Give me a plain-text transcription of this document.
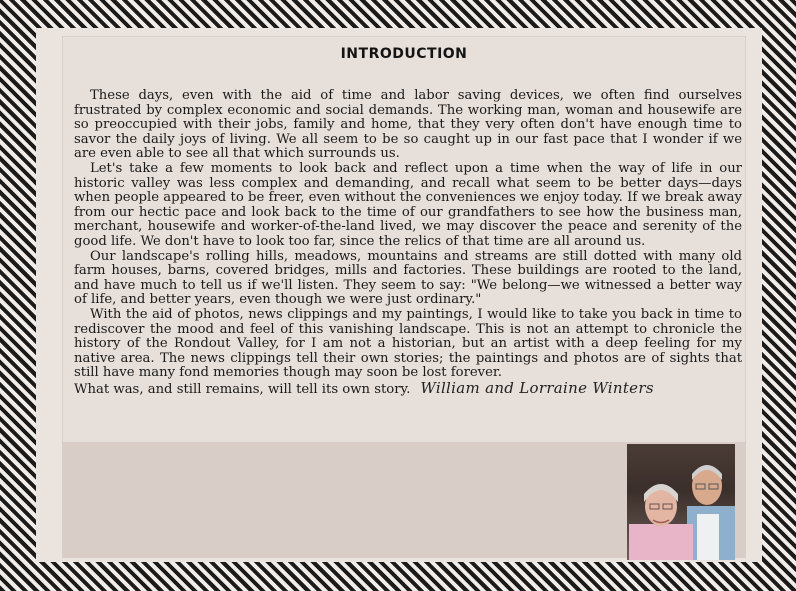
INTRODUCTION

These days, even with the aid of time and labor saving devices, we often find ourselves frustrated by complex economic and social demands. The working man, woman and housewife are so preoccupied with their jobs, family and home, that they very often don't have enough time to savor the daily joys of living. We all seem to be so caught up in our fast pace that I wonder if we are even able to see all that which surrounds us.

Let's take a few moments to look back and reflect upon a time when the way of life in our historic valley was less complex and demanding, and recall what seem to be better days—days when people appeared to be freer, even without the conveniences we enjoy today. If we break away from our hectic pace and look back to the time of our grandfathers to see how the business man, merchant, housewife and worker-of-the-land lived, we may discover the peace and serenity of the good life. We don't have to look too far, since the relics of that time are all around us.

Our landscape's rolling hills, meadows, mountains and streams are still dotted with many old farm houses, barns, covered bridges, mills and factories. These buildings are rooted to the land, and have much to tell us if we'll listen. They seem to say: "We belong—we witnessed a better way of life, and better years, even though we were just ordinary."

With the aid of photos, news clippings and my paintings, I would like to take you back in time to rediscover the mood and feel of this vanishing landscape. This is not an attempt to chronicle the history of the Rondout Valley, for I am not a historian, but an artist with a deep feeling for my native area. The news clippings tell their own stories; the paintings and photos are of sights that still have many fond memories though may soon be lost forever.

What was, and still remains, will tell its own story. William and Lorraine Winters
